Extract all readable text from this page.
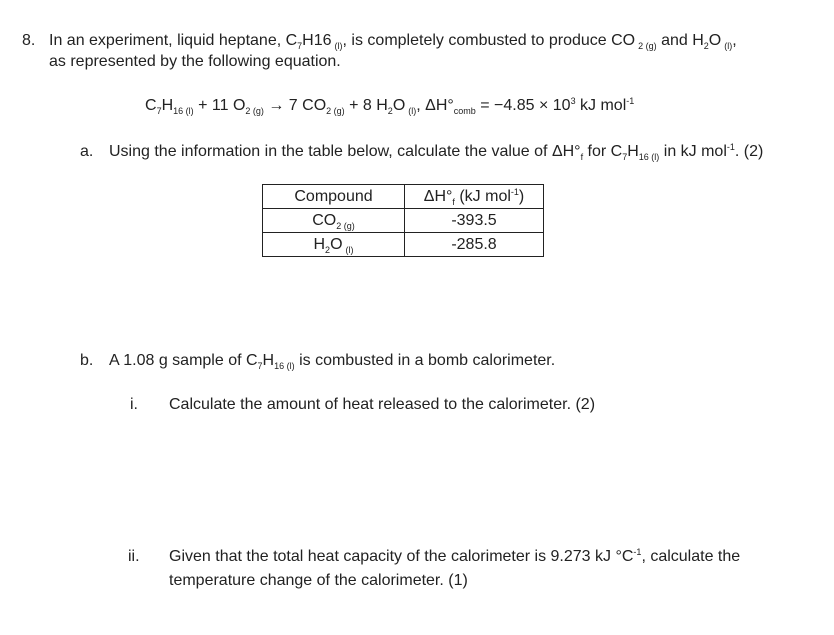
8. In an experiment, liquid heptane, $C_7H16$ $_{(l)}$, is completely combusted to produce CO $_{2 (g)}$ and $H_2O$ $_{(l)}$,
as represented by the following equation.
$C_7H_{16 (l)} + 11$ $O_{2 (g)} \to 7$ $CO_{2 (g)} + 8$ $H_2O$ $_{(l)}$, $\Delta H^\circ_{comb} = -4.85 \times 10^3$ kJ mol$^{-1}$
a. Using the information in the table below, calculate the value of $\Delta H^\circ_f$ for $C_7H_{16 (l)}$ in kJ mol$^{-1}$. (2)
Compound	$\Delta H^\circ_f$ (kJ mol$^{-1}$)
$CO_{2 (g)}$	-393.5
$H_2O$ $_{(l)}$	-285.8
b. A 1.08 g sample of $C_7H_{16 (l)}$ is combusted in a bomb calorimeter.
i. Calculate the amount of heat released to the calorimeter. (2)
ii. Given that the total heat capacity of the calorimeter is 9.273 kJ $^\circ C^{-1}$, calculate the
temperature change of the calorimeter. (1)
